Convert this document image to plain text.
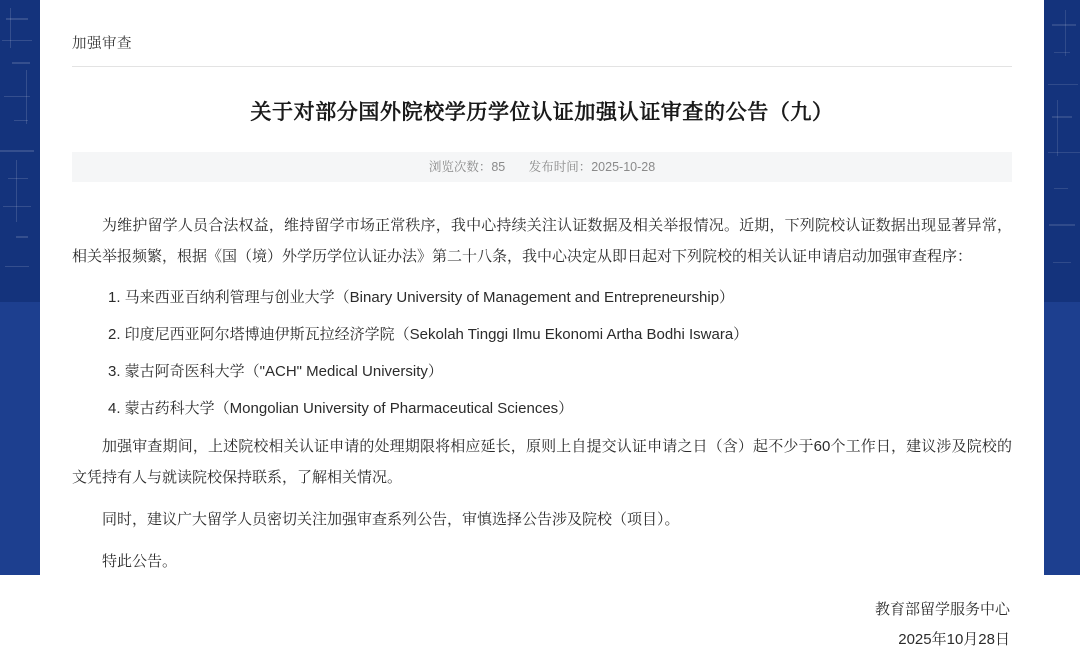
加强审查
关于对部分国外院校学历学位认证加强认证审查的公告（九）
浏览次数：85 发布时间：2025-10-28

为维护留学人员合法权益，维持留学市场正常秩序，我中心持续关注认证数据及相关举报情况。近期，下列院校认证数据出现显著异常，相关举报频繁，根据《国（境）外学历学位认证办法》第二十八条，我中心决定从即日起对下列院校的相关认证申请启动加强审查程序：

1. 马来西亚百纳利管理与创业大学（Binary University of Management and Entrepreneurship）
2. 印度尼西亚阿尔塔博迪伊斯瓦拉经济学院（Sekolah Tinggi Ilmu Ekonomi Artha Bodhi Iswara）
3. 蒙古阿奇医科大学（"ACH" Medical University）
4. 蒙古药科大学（Mongolian University of Pharmaceutical Sciences）

加强审查期间，上述院校相关认证申请的处理期限将相应延长，原则上自提交认证申请之日（含）起不少于60个工作日，建议涉及院校的文凭持有人与就读院校保持联系，了解相关情况。

同时，建议广大留学人员密切关注加强审查系列公告，审慎选择公告涉及院校（项目）。

特此公告。

教育部留学服务中心
2025年10月28日
